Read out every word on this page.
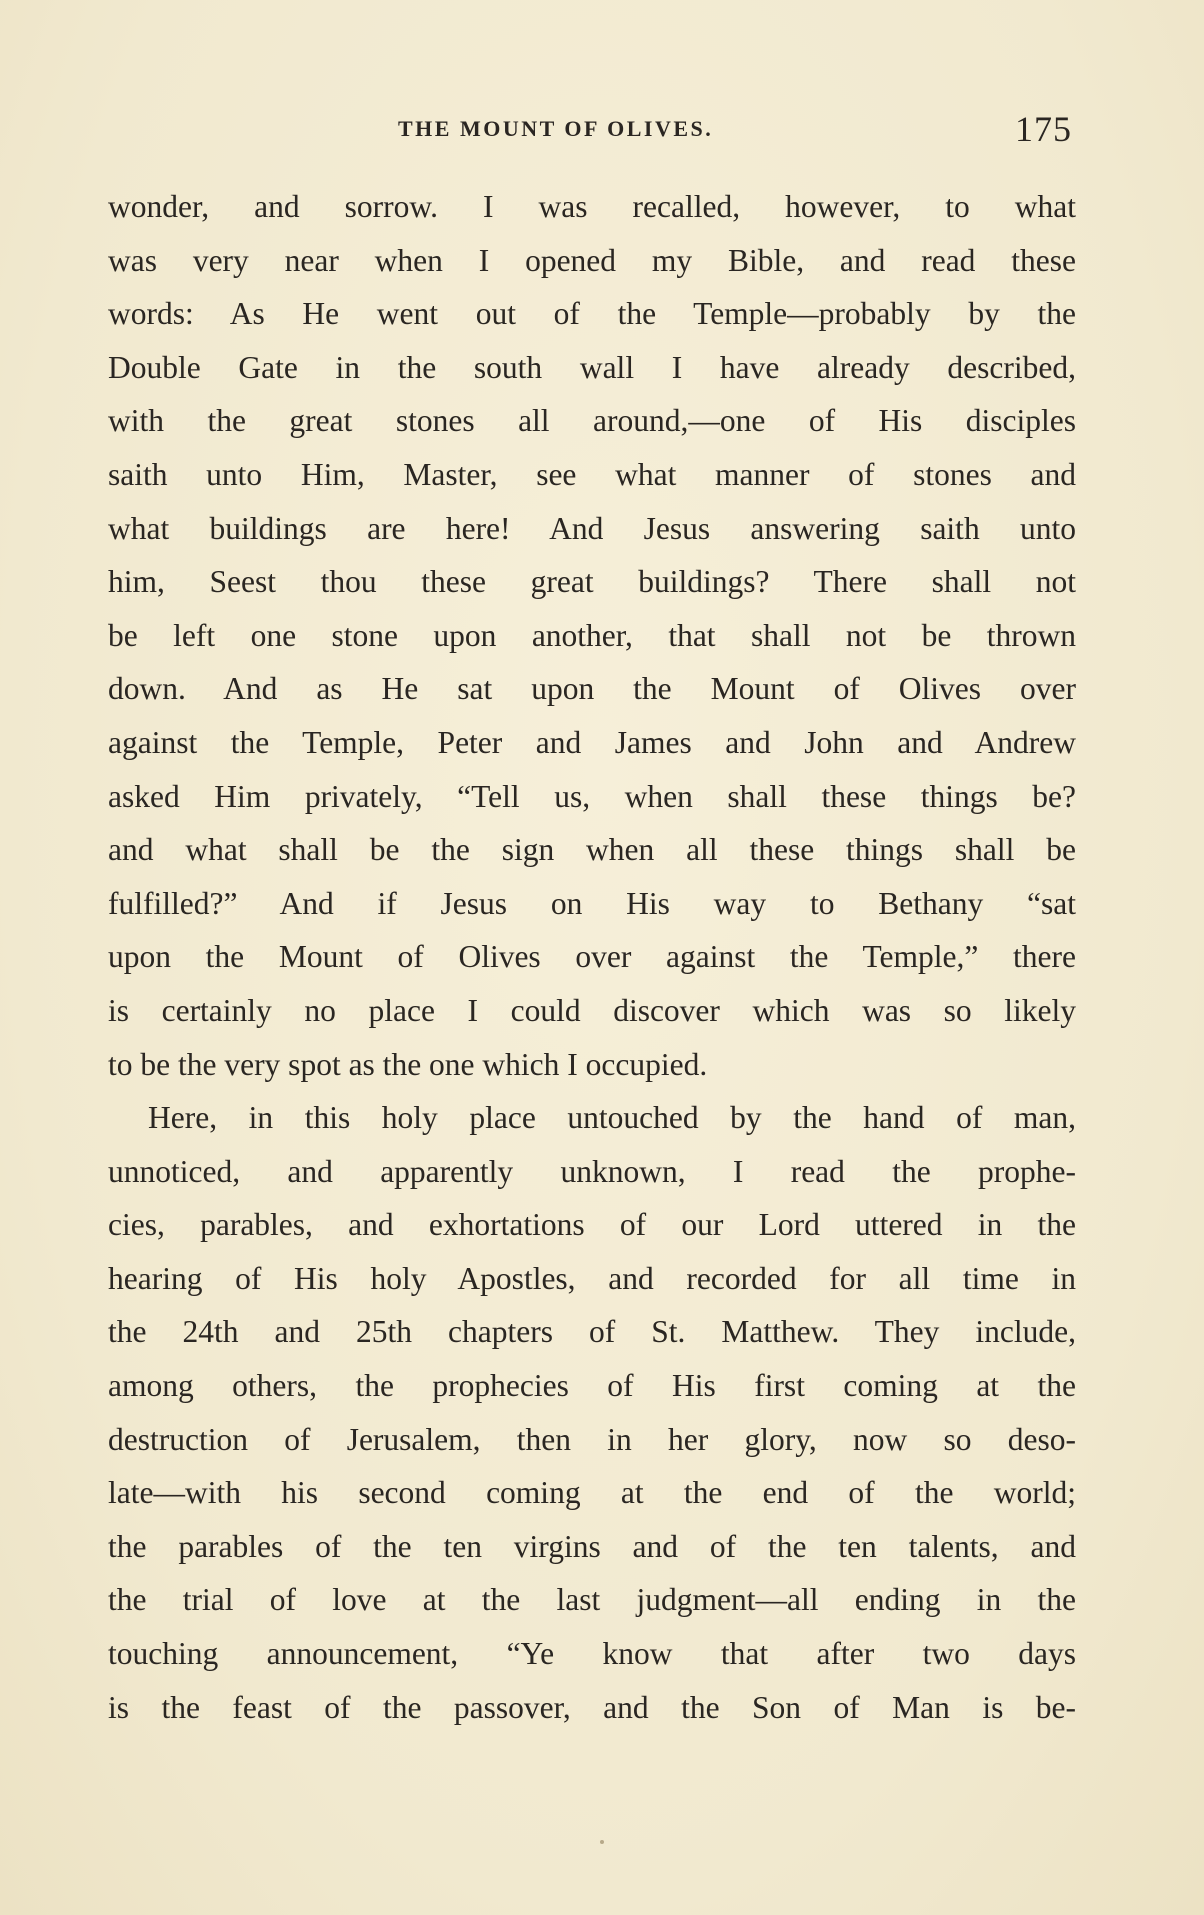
THE MOUNT OF OLIVES.	175
wonder, and sorrow. I was recalled, however, to what
was very near when I opened my Bible, and read these
words: As He went out of the Temple—probably by the
Double Gate in the south wall I have already described,
with the great stones all around,—one of His disciples
saith unto Him, Master, see what manner of stones and
what buildings are here! And Jesus answering saith unto
him, Seest thou these great buildings? There shall not
be left one stone upon another, that shall not be thrown
down. And as He sat upon the Mount of Olives over
against the Temple, Peter and James and John and Andrew
asked Him privately, “Tell us, when shall these things be?
and what shall be the sign when all these things shall be
fulfilled?” And if Jesus on His way to Bethany “sat
upon the Mount of Olives over against the Temple,” there
is certainly no place I could discover which was so likely
to be the very spot as the one which I occupied.
Here, in this holy place untouched by the hand of man,
unnoticed, and apparently unknown, I read the prophe-
cies, parables, and exhortations of our Lord uttered in the
hearing of His holy Apostles, and recorded for all time in
the 24th and 25th chapters of St. Matthew. They include,
among others, the prophecies of His first coming at the
destruction of Jerusalem, then in her glory, now so deso-
late—with his second coming at the end of the world;
the parables of the ten virgins and of the ten talents, and
the trial of love at the last judgment—all ending in the
touching announcement, “Ye know that after two days
is the feast of the passover, and the Son of Man is be-
